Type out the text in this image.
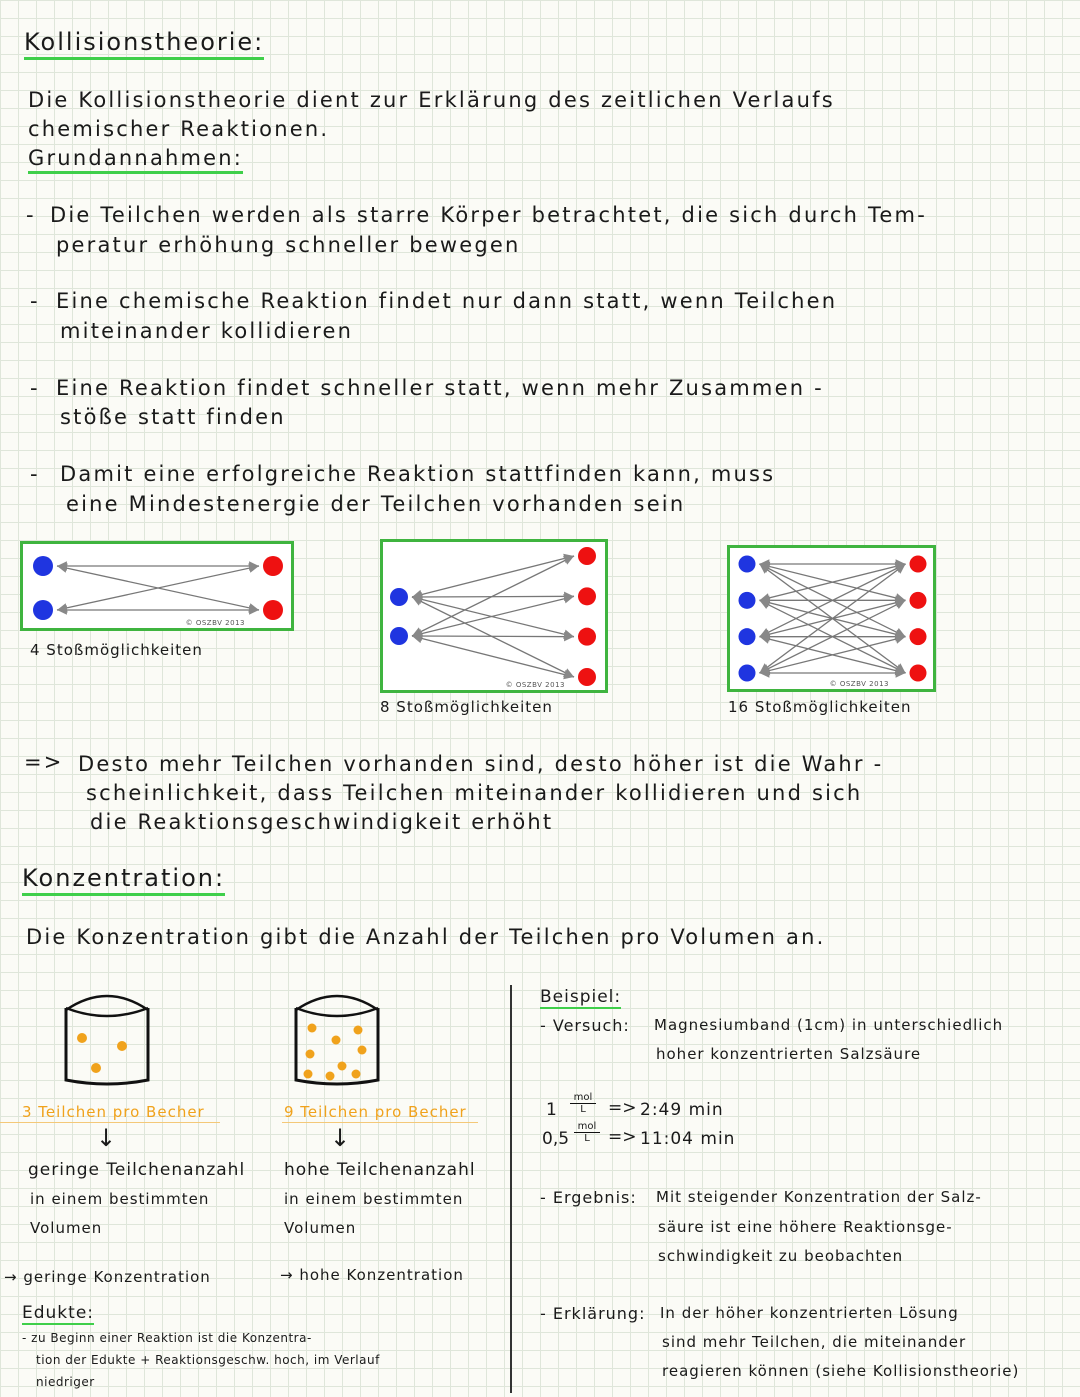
Kollisionstheorie:
Die Kollisionstheorie dient zur Erklärung des zeitlichen Verlaufs
chemischer Reaktionen.
Grundannahmen:
- Die Teilchen werden als starre Körper betrachtet, die sich durch Tem-
peratur erhöhung schneller bewegen
- Eine chemische Reaktion findet nur dann statt, wenn Teilchen
miteinander kollidieren
- Eine Reaktion findet schneller statt, wenn mehr Zusammen -
stöße statt finden
- Damit eine erfolgreiche Reaktion stattfinden kann, muss
eine Mindestenergie der Teilchen vorhanden sein
© OSZBV 2013
4 Stoßmöglichkeiten
© OSZBV 2013
8 Stoßmöglichkeiten
© OSZBV 2013
16 Stoßmöglichkeiten
=> Desto mehr Teilchen vorhanden sind, desto höher ist die Wahr -
scheinlichkeit, dass Teilchen miteinander kollidieren und sich
die Reaktionsgeschwindigkeit erhöht
Konzentration:
Die Konzentration gibt die Anzahl der Teilchen pro Volumen an.
3 Teilchen pro Becher
↓
geringe Teilchenanzahl
in einem bestimmten
Volumen
→ geringe Konzentration
9 Teilchen pro Becher
↓
hohe Teilchenanzahl
in einem bestimmten
Volumen
→ hohe Konzentration
Edukte:
- zu Beginn einer Reaktion ist die Konzentra-
tion der Edukte + Reaktionsgeschw. hoch, im Verlauf
niedriger
Beispiel:
- Versuch: Magnesiumband (1cm) in unterschiedlich
hoher konzentrierten Salzsäure
1
mol
L	=> 2:49 min
0,5
mol
L	=> 11:04 min
- Ergebnis: Mit steigender Konzentration der Salz-
säure ist eine höhere Reaktionsge-
schwindigkeit zu beobachten
- Erklärung: In der höher konzentrierten Lösung
sind mehr Teilchen, die miteinander
reagieren können (siehe Kollisionstheorie)
